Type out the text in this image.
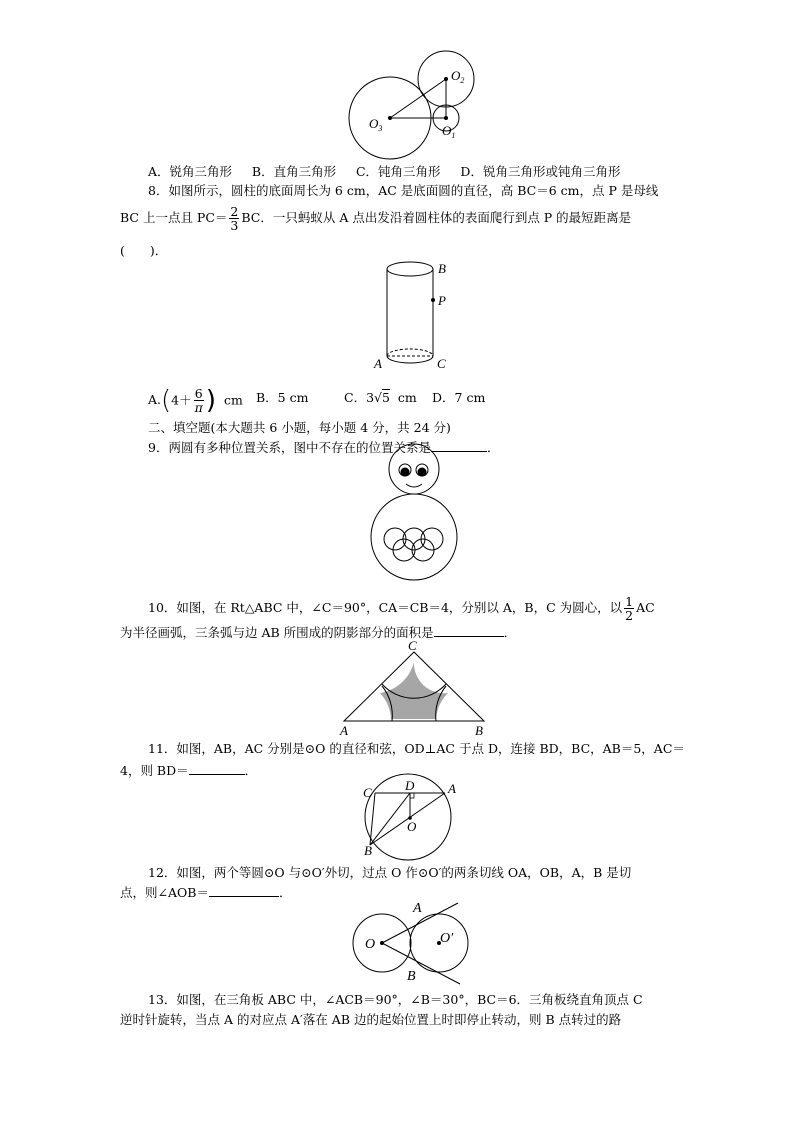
$O_3$
$O_2$
$O_1$
A．锐角三角形 B．直角三角形 C．钝角三角形 D．锐角三角形或钝角三角形
8．如图所示，圆柱的底面周长为 6 cm，AC 是底面圆的直径，高 BC＝6 cm，点 P 是母线
BC 上一点且 $PC= \frac{2}{3}$ BC．一只蚂蚁从 A 点出发沿着圆柱体的表面爬行到点 P 的最短距离是
(　　)．
B
P
A	C
$A.(4+ \frac{6}{\pi}$ ) cm B．5 cm	C．3√5 cm D．7 cm
二、填空题(本大题共 6 小题，每小题 4 分，共 24 分)
9．两圆有多种位置关系，图中不存在的位置关系是	．
10．如图，在 Rt△ABC 中，∠C＝90°，CA＝CB＝4，分别以 A，B，C 为圆心，以 $\frac{1}{2}$ AC
为半径画弧，三条弧与边 AB 所围成的阴影部分的面积是	．
C
A	B
11．如图，AB，AC 分别是⊙O 的直径和弦，OD⊥AC 于点 D，连接 BD，BC，AB＝5，AC＝
4，则 BD＝	．
C	D	A
O
B
12．如图，两个等圆⊙O 与⊙O′外切，过点 O 作⊙O′的两条切线 OA，OB，A，B 是切
点，则∠AOB＝	．
A
O	O′
B
13．如图，在三角板 ABC 中，∠ACB＝90°，∠B＝30°，BC＝6．三角板绕直角顶点 C
逆时针旋转，当点 A 的对应点 A′落在 AB 边的起始位置上时即停止转动，则 B 点转过的路
